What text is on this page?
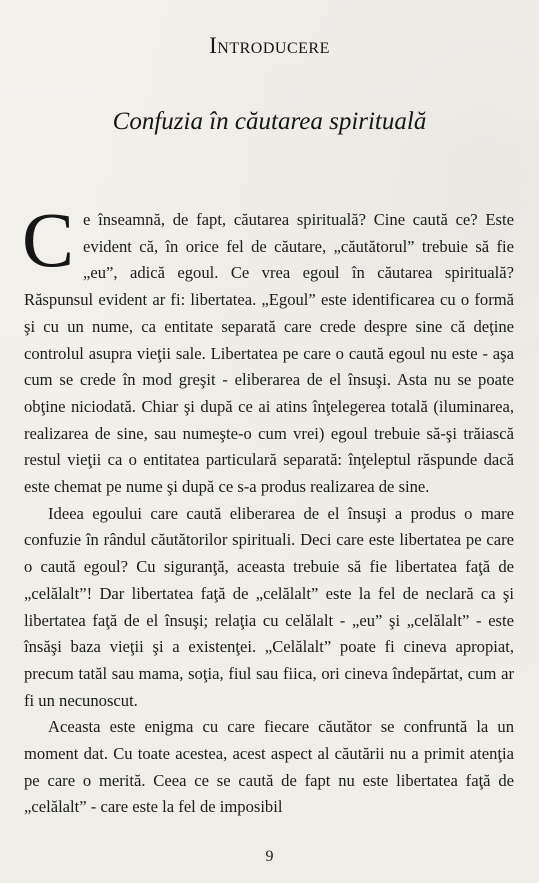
Introducere
Confuzia în căutarea spirituală

Ce înseamnă, de fapt, căutarea spirituală? Cine caută ce? Este evident că, în orice fel de căutare, „căutătorul” trebuie să fie „eu”, adică egoul. Ce vrea egoul în căutarea spirituală? Răspunsul evident ar fi: libertatea. „Egoul” este identificarea cu o formă şi cu un nume, ca entitate separată care crede despre sine că deţine controlul asupra vieţii sale. Libertatea pe care o caută egoul nu este - aşa cum se crede în mod greşit - eliberarea de el însuşi. Asta nu se poate obţine niciodată. Chiar şi după ce ai atins înţelegerea totală (iluminarea, realizarea de sine, sau numeşte-o cum vrei) egoul trebuie să-şi trăiască restul vieţii ca o entitatea particulară separată: înţeleptul răspunde dacă este chemat pe nume şi după ce s-a produs realizarea de sine.

Ideea egoului care caută eliberarea de el însuşi a produs o mare confuzie în rândul căutătorilor spirituali. Deci care este libertatea pe care o caută egoul? Cu siguranţă, aceasta trebuie să fie libertatea faţă de „celălalt”! Dar libertatea faţă de „celălalt” este la fel de neclară ca şi libertatea faţă de el însuşi; relaţia cu celălalt - „eu” şi „celălalt” - este însăşi baza vieţii şi a existenţei. „Celălalt” poate fi cineva apropiat, precum tatăl sau mama, soţia, fiul sau fiica, ori cineva îndepărtat, cum ar fi un necunoscut.

Aceasta este enigma cu care fiecare căutător se confruntă la un moment dat. Cu toate acestea, acest aspect al căutării nu a primit atenţia pe care o merită. Ceea ce se caută de fapt nu este libertatea faţă de „celălalt” - care este la fel de imposibil

9
